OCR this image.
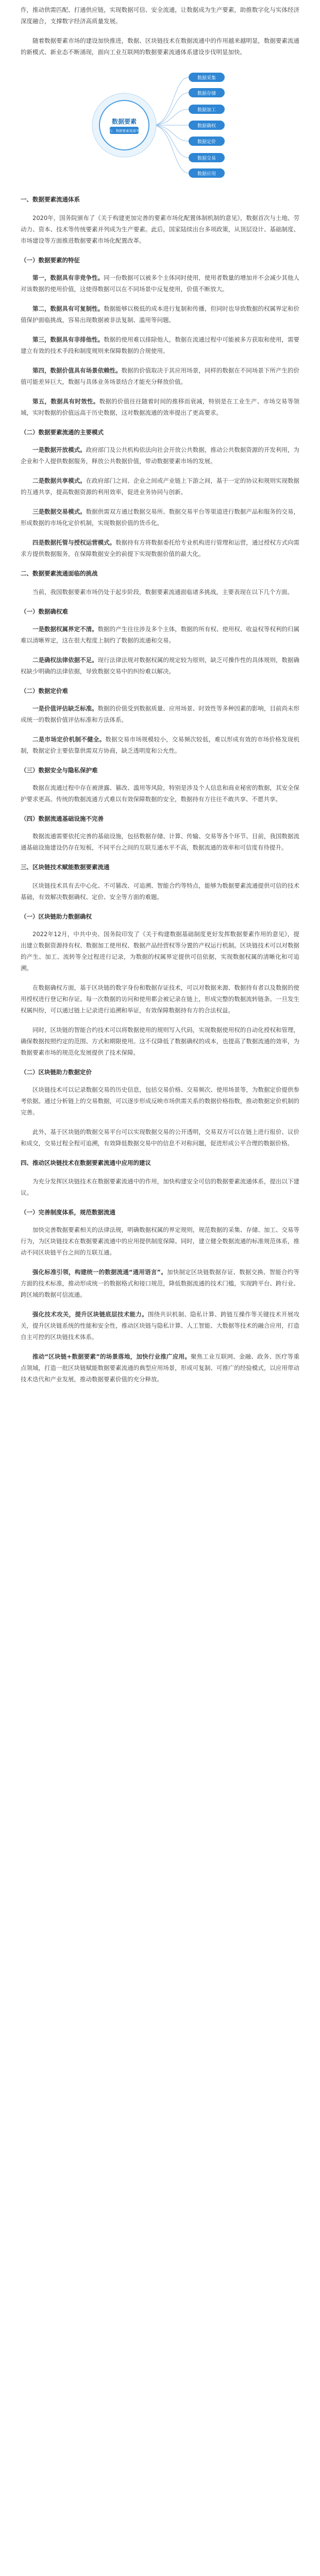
作，推动供需匹配、打通供应链，实现数据可信、安全流通，让数据成为生产要素，助推数字化与实体经济深度融合，支撑数字经济高质量发展。

随着数据要素市场的建设加快推进，数据、区块链技术在数据流通中的作用越来越明显，数据要素流通的新模式、新业态不断涌现，面向工业互联网的数据要素流通体系建设步伐明显加快。

数据要素
算力、数据要素流通平台
数据采集
数据存储
数据加工
数据确权
数据定价
数据交易
数据应用
一、数据要素流通体系

2020年，国务院颁布了《关于构建更加完善的要素市场化配置体制机制的意见》，数据首次与土地、劳动力、资本、技术等传统要素并列成为生产要素。此后，国家陆续出台多项政策，从顶层设计、基础制度、市场建设等方面推进数据要素市场化配置改革。

（一）数据要素的特征

第一，数据具有非竞争性。同一份数据可以被多个主体同时使用，使用者数量的增加并不会减少其他人对该数据的使用价值，这使得数据可以在不同场景中反复使用，价值不断放大。

第二，数据具有可复制性。数据能够以极低的成本进行复制和传播，但同时也导致数据的权属界定和价值保护面临挑战，容易出现数据被非法复制、滥用等问题。

第三，数据具有非排他性。数据的使用难以排除他人，数据在流通过程中可能被多方获取和使用，需要建立有效的技术手段和制度规则来保障数据的合规使用。

第四，数据价值具有场景依赖性。数据的价值取决于其应用场景，同样的数据在不同场景下所产生的价值可能差异巨大，数据与具体业务场景结合才能充分释放价值。

第五，数据具有时效性。数据的价值往往随着时间的推移而衰减，特别是在工业生产、市场交易等领域，实时数据的价值远高于历史数据，这对数据流通的效率提出了更高要求。

（二）数据要素流通的主要模式

一是数据开放模式。政府部门及公共机构依法向社会开放公共数据，推动公共数据资源的开发利用，为企业和个人提供数据服务，释放公共数据价值，带动数据要素市场的发展。

二是数据共享模式。在政府部门之间、企业之间或产业链上下游之间，基于一定的协议和规则实现数据的互通共享，提高数据资源的利用效率，促进业务协同与创新。

三是数据交易模式。数据供需双方通过数据交易所、数据交易平台等渠道进行数据产品和服务的交易，形成数据的市场化定价机制，实现数据价值的货币化。

四是数据托管与授权运营模式。数据持有方将数据委托给专业机构进行管理和运营，通过授权方式向需求方提供数据服务，在保障数据安全的前提下实现数据价值的最大化。

二、数据要素流通面临的挑战

当前，我国数据要素市场仍处于起步阶段，数据要素流通面临诸多挑战，主要表现在以下几个方面。

（一）数据确权难

一是数据权属界定不清。数据的产生往往涉及多个主体，数据的所有权、使用权、收益权等权利的归属难以清晰界定，这在很大程度上制约了数据的流通和交易。

二是确权法律依据不足。现行法律法规对数据权属的规定较为原则，缺乏可操作性的具体规则，数据确权缺少明确的法律依据，导致数据交易中的纠纷难以解决。

（二）数据定价难

一是价值评估缺乏标准。数据的价值受到数据质量、应用场景、时效性等多种因素的影响，目前尚未形成统一的数据价值评估标准和方法体系。

二是市场定价机制不健全。数据交易市场规模较小，交易频次较低，难以形成有效的市场价格发现机制，数据定价主要依靠供需双方协商，缺乏透明度和公允性。

（三）数据安全与隐私保护难

数据在流通过程中存在被泄露、篡改、滥用等风险，特别是涉及个人信息和商业秘密的数据，其安全保护要求更高。传统的数据流通方式难以有效保障数据的安全，数据持有方往往不敢共享、不愿共享。

（四）数据流通基础设施不完善

数据流通需要依托完善的基础设施，包括数据存储、计算、传输、交易等各个环节。目前，我国数据流通基础设施建设仍存在短板，不同平台之间的互联互通水平不高，数据流通的效率和可信度有待提升。

三、区块链技术赋能数据要素流通

区块链技术具有去中心化、不可篡改、可追溯、智能合约等特点，能够为数据要素流通提供可信的技术基础，有效解决数据确权、定价、安全等方面的难题。

（一）区块链助力数据确权

2022年12月，中共中央、国务院印发了《关于构建数据基础制度更好发挥数据要素作用的意见》，提出建立数据资源持有权、数据加工使用权、数据产品经营权等分置的产权运行机制。区块链技术可以对数据的产生、加工、流转等全过程进行记录，为数据的权属界定提供可信依据，实现数据权属的清晰化和可追溯。

在数据确权方面，基于区块链的数字身份和数据存证技术，可以对数据来源、数据持有者以及数据的使用授权进行登记和存证。每一次数据的访问和使用都会被记录在链上，形成完整的数据流转链条。一旦发生权属纠纷，可以通过链上记录进行追溯和举证，有效保障数据持有方的合法权益。

同时，区块链的智能合约技术可以将数据使用的规则写入代码，实现数据使用权的自动化授权和管理，确保数据按照约定的范围、方式和期限使用。这不仅降低了数据确权的成本，也提高了数据流通的效率，为数据要素市场的规范化发展提供了技术保障。

（二）区块链助力数据定价

区块链技术可以记录数据交易的历史信息，包括交易价格、交易频次、使用场景等，为数据定价提供参考依据。通过分析链上的交易数据，可以逐步形成反映市场供需关系的数据价格指数，推动数据定价机制的完善。

此外，基于区块链的数据交易平台可以实现数据交易的公开透明，交易双方可以在链上进行报价、议价和成交，交易过程全程可追溯，有效降低数据交易中的信息不对称问题，促进形成公平合理的数据价格。

四、推动区块链技术在数据要素流通中应用的建议

为充分发挥区块链技术在数据要素流通中的作用，加快构建安全可信的数据要素流通体系，提出以下建议。

（一）完善制度体系，规范数据流通

加快完善数据要素相关的法律法规，明确数据权属的界定规则，规范数据的采集、存储、加工、交易等行为，为区块链技术在数据要素流通中的应用提供制度保障。同时，建立健全数据流通的标准规范体系，推动不同区块链平台之间的互联互通。

强化标准引领，构建统一的数据流通“通用语言”。加快制定区块链数据存证、数据交换、智能合约等方面的技术标准，推动形成统一的数据格式和接口规范，降低数据流通的技术门槛，实现跨平台、跨行业、跨区域的数据可信流通。

强化技术攻关，提升区块链底层技术能力。围绕共识机制、隐私计算、跨链互操作等关键技术开展攻关，提升区块链系统的性能和安全性，推动区块链与隐私计算、人工智能、大数据等技术的融合应用，打造自主可控的区块链技术体系。

推动“区块链+数据要素”的场景落地，加快行业推广应用。聚焦工业互联网、金融、政务、医疗等重点领域，打造一批区块链赋能数据要素流通的典型应用场景，形成可复制、可推广的经验模式，以应用带动技术迭代和产业发展，推动数据要素价值的充分释放。
